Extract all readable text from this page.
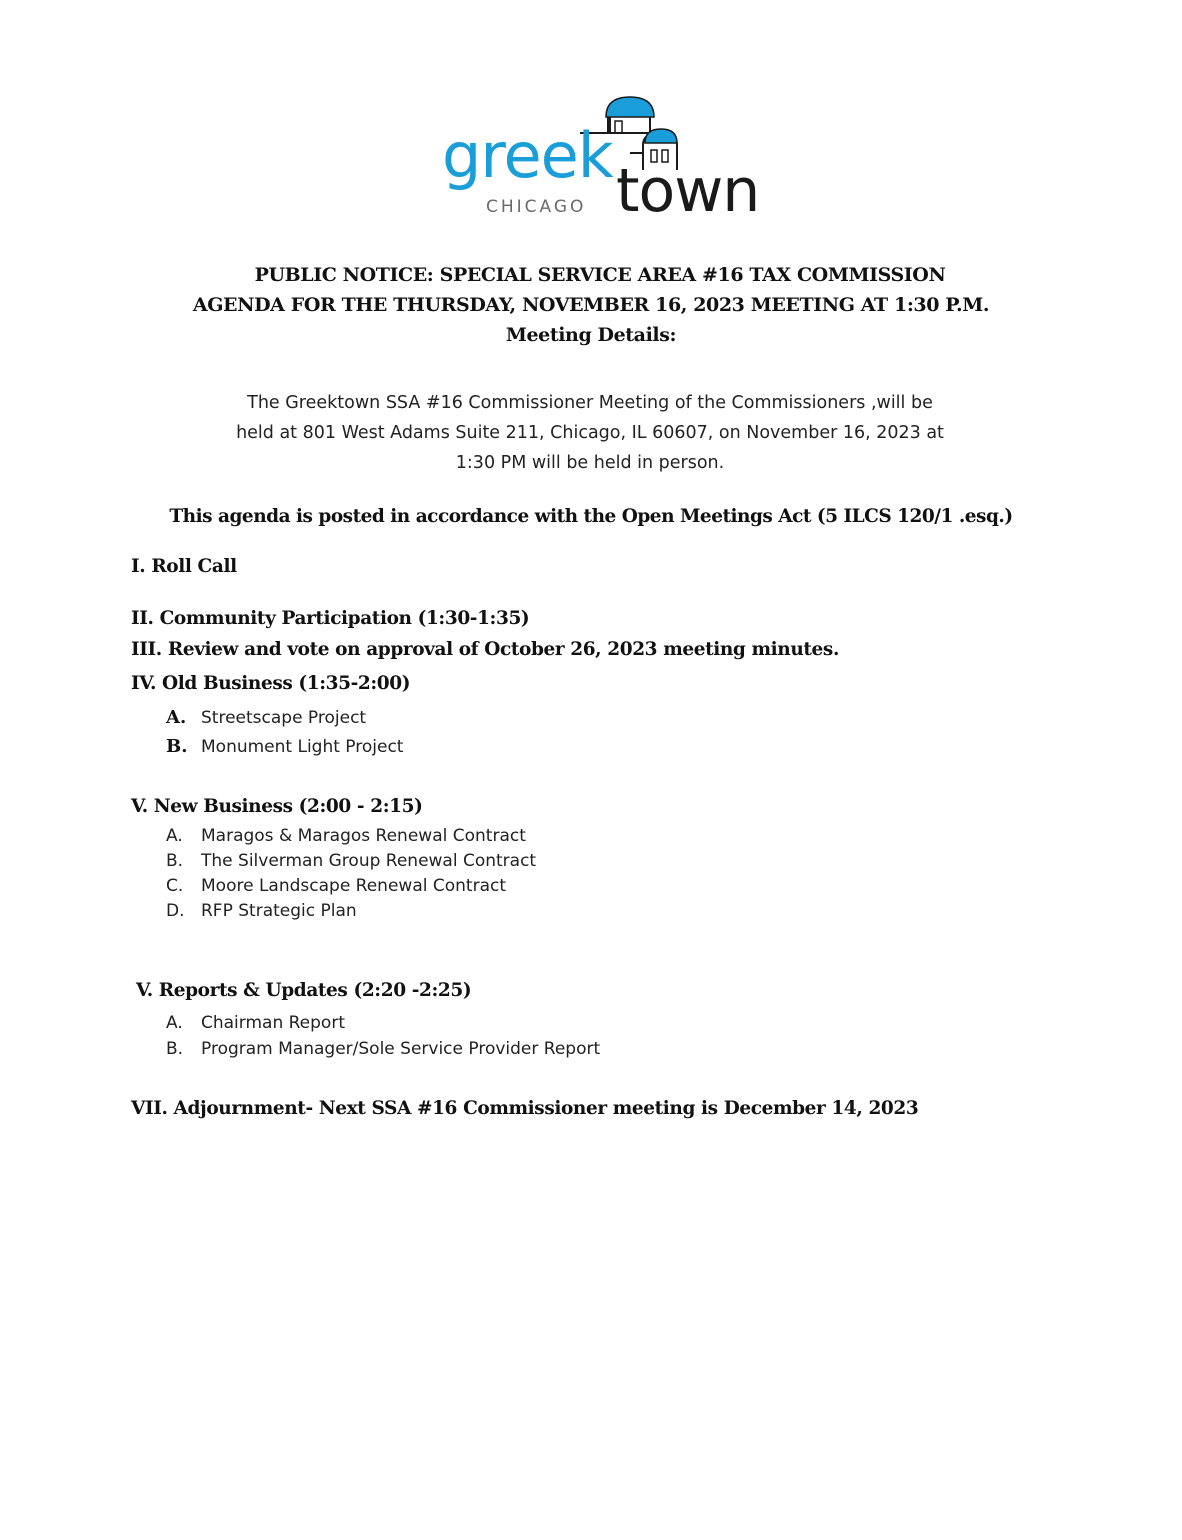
greek town
CHICAGO
PUBLIC NOTICE: SPECIAL SERVICE AREA #16 TAX COMMISSION
AGENDA FOR THE THURSDAY, NOVEMBER 16, 2023 MEETING AT 1:30 P.M.
Meeting Details:
The Greektown SSA #16 Commissioner Meeting of the Commissioners ,will be
held at 801 West Adams Suite 211, Chicago, IL 60607, on November 16, 2023 at
1:30 PM will be held in person.
This agenda is posted in accordance with the Open Meetings Act (5 ILCS 120/1 .esq.)
I. Roll Call
II. Community Participation (1:30-1:35)
III. Review and vote on approval of October 26, 2023 meeting minutes.
IV. Old Business (1:35-2:00)
A. Streetscape Project
B. Monument Light Project
V. New Business (2:00 - 2:15)
A. Maragos & Maragos Renewal Contract
B. The Silverman Group Renewal Contract
C. Moore Landscape Renewal Contract
D. RFP Strategic Plan
V. Reports & Updates (2:20 -2:25)
A. Chairman Report
B. Program Manager/Sole Service Provider Report
VII. Adjournment- Next SSA #16 Commissioner meeting is December 14, 2023
